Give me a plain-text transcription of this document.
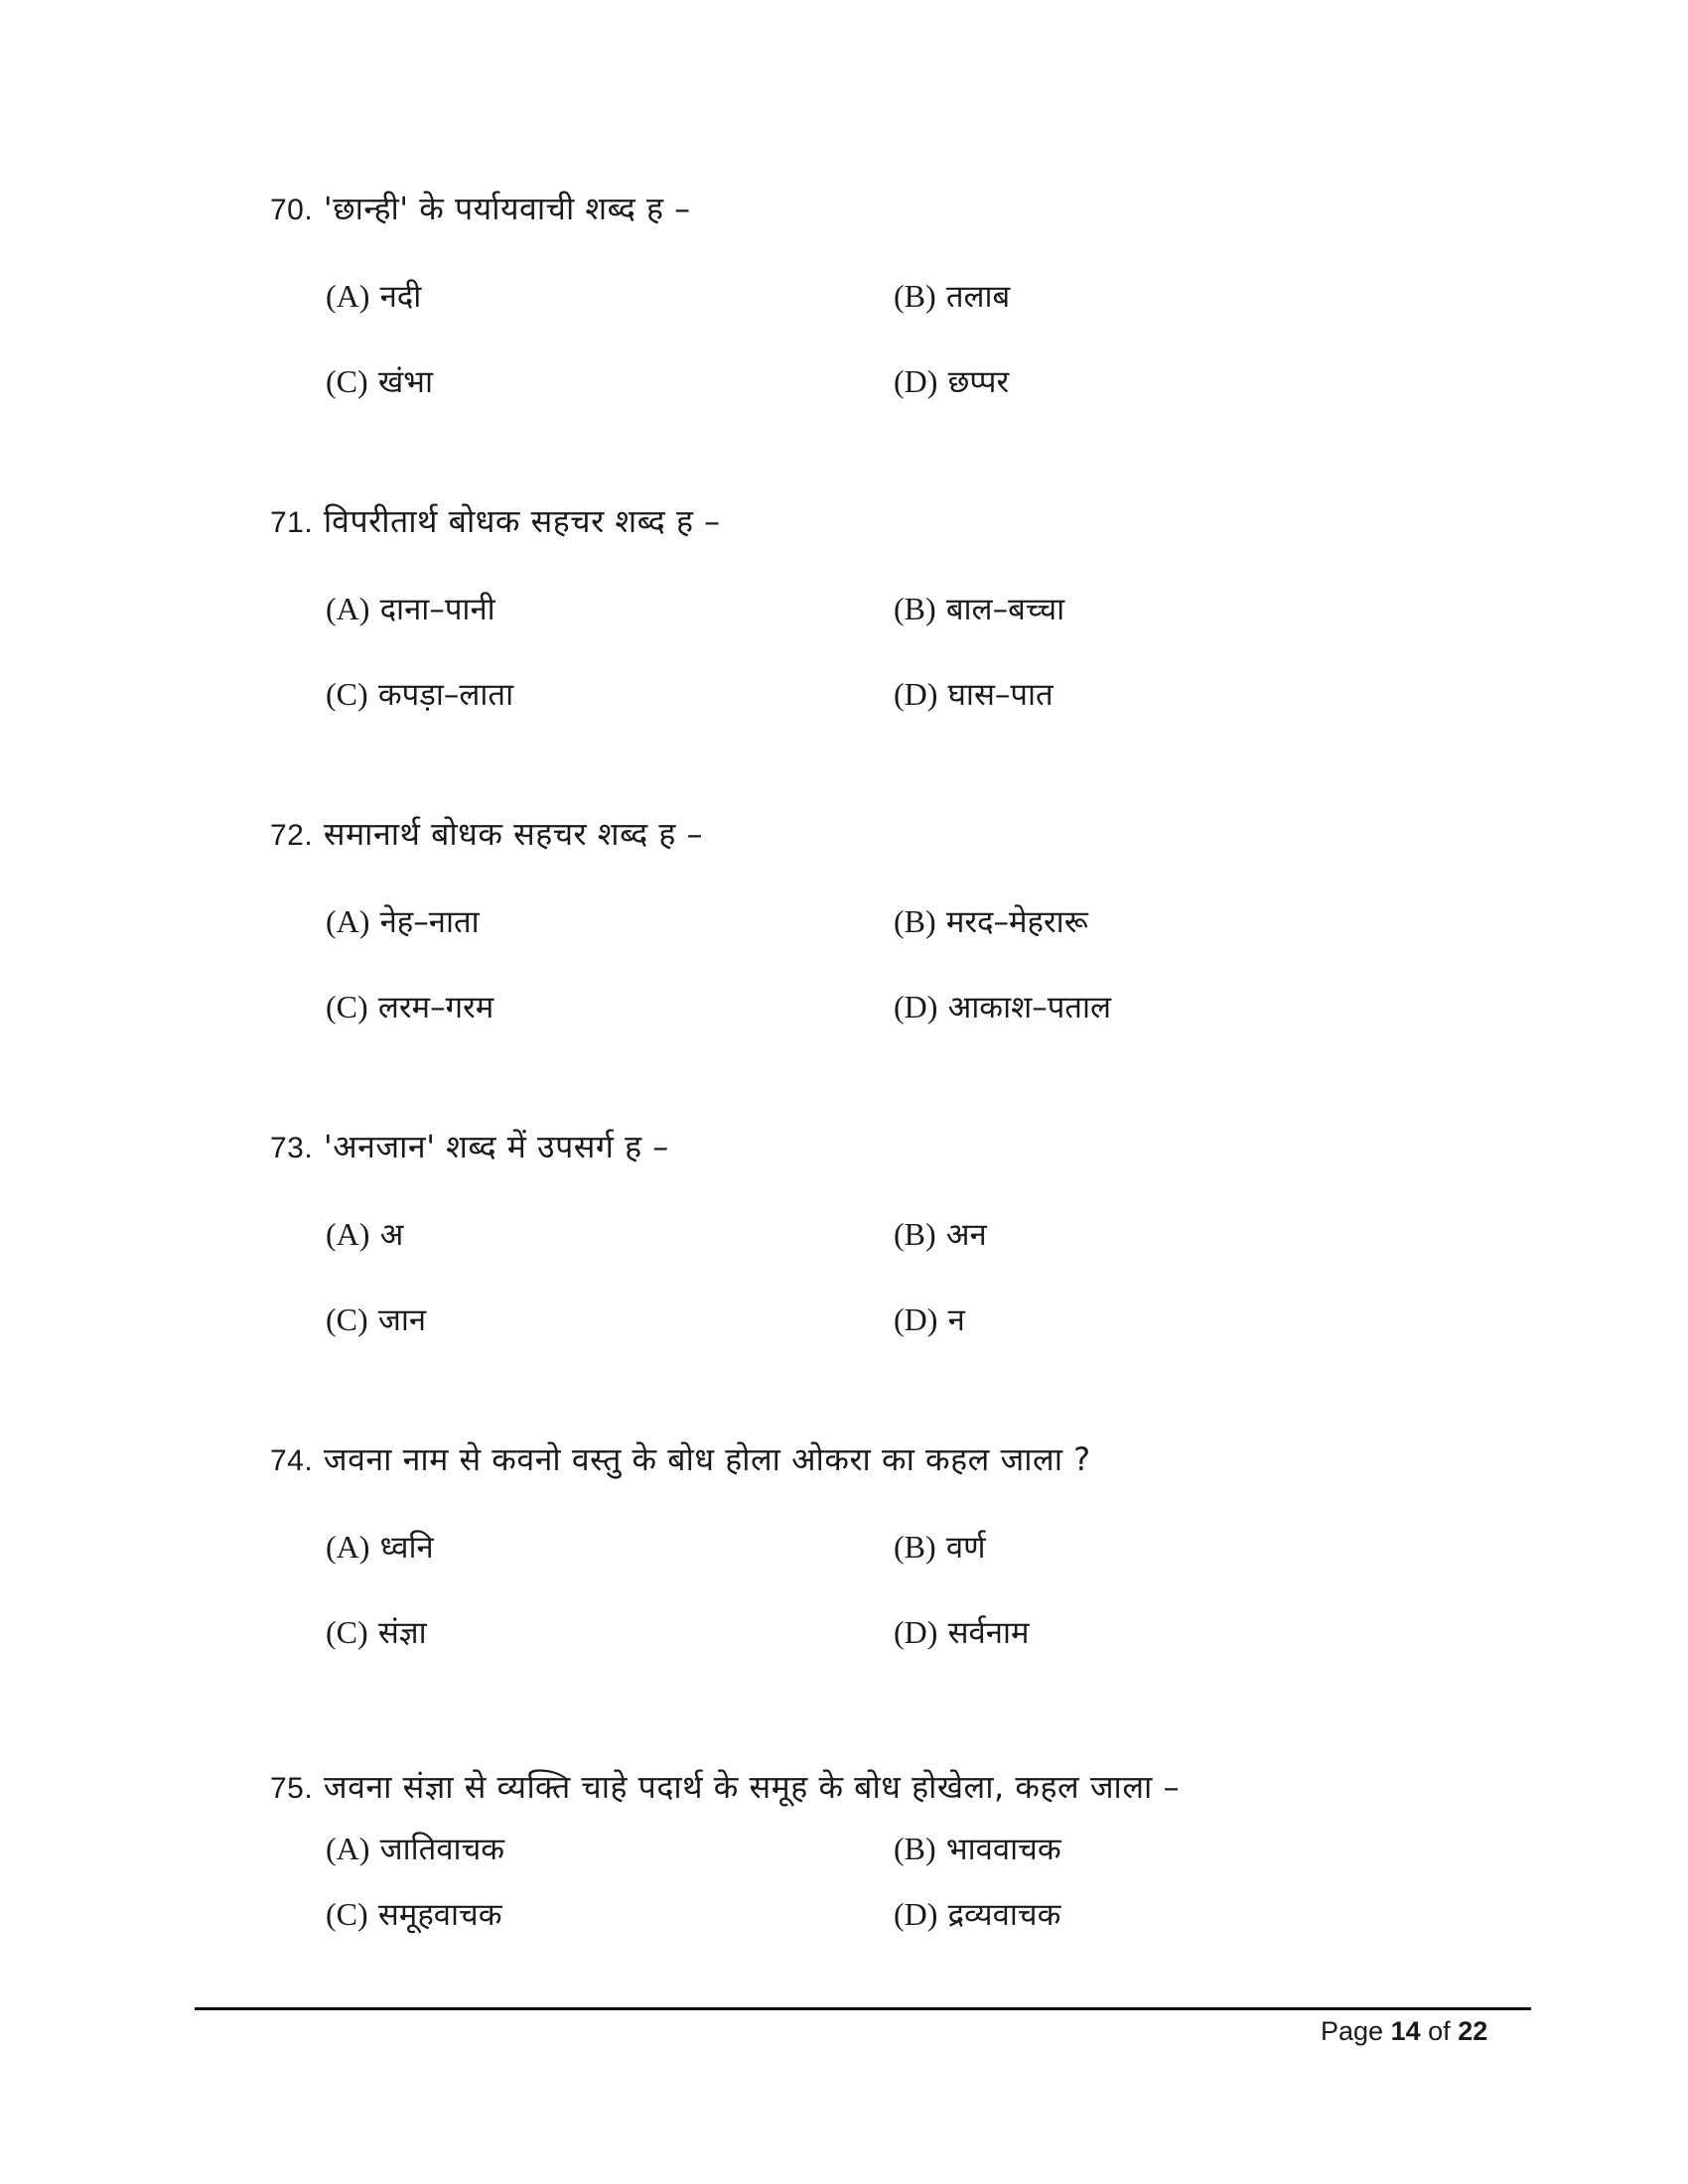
70. 'छान्ही' के पर्यायवाची शब्द ह –
(A) नदी	(B) तलाब
(C) खंभा	(D) छप्पर
71. विपरीतार्थ बोधक सहचर शब्द ह –
(A) दाना–पानी	(B) बाल–बच्चा
(C) कपड़ा–लाता	(D) घास–पात
72. समानार्थ बोधक सहचर शब्द ह –
(A) नेह–नाता	(B) मरद–मेहरारू
(C) लरम–गरम	(D) आकाश–पताल
73. 'अनजान' शब्द में उपसर्ग ह –
(A) अ	(B) अन
(C) जान	(D) न
74. जवना नाम से कवनो वस्तु के बोध होला ओकरा का कहल जाला ?
(A) ध्वनि	(B) वर्ण
(C) संज्ञा	(D) सर्वनाम
75. जवना संज्ञा से व्यक्ति चाहे पदार्थ के समूह के बोध होखेला, कहल जाला –
(A) जातिवाचक	(B) भाववाचक
(C) समूहवाचक	(D) द्रव्यवाचक
Page 14 of 22
